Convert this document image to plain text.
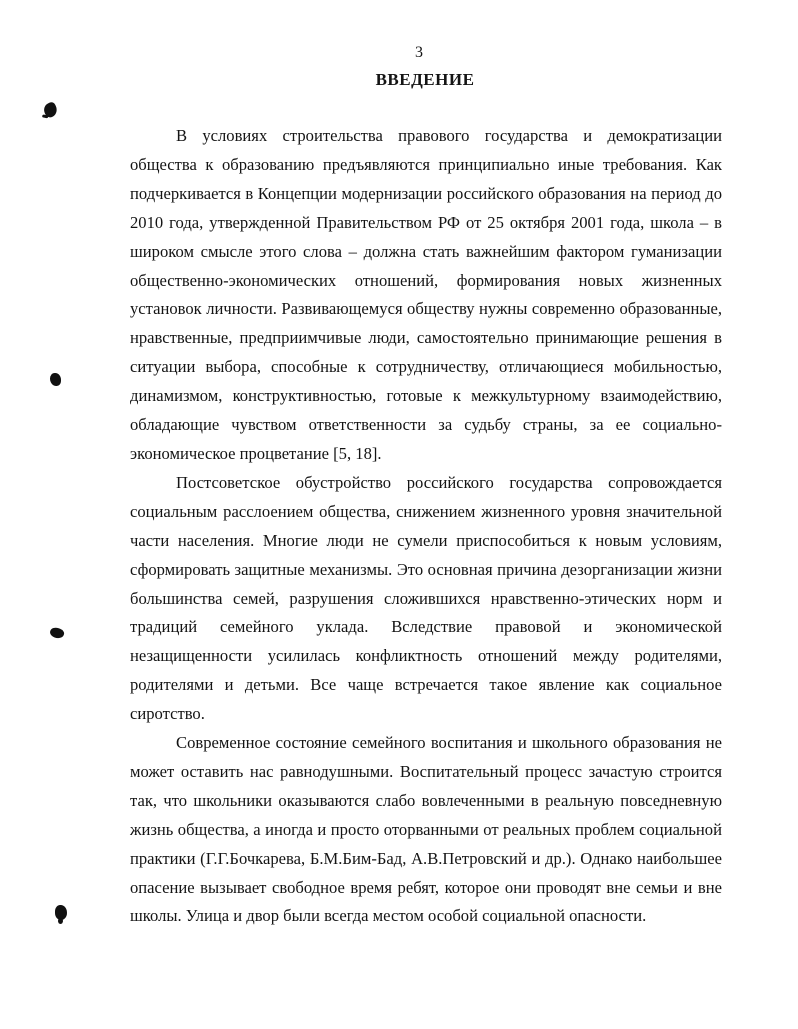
3
ВВЕДЕНИЕ

В условиях строительства правового государства и демократизации общества к образованию предъявляются принципиально иные требования. Как подчеркивается в Концепции модернизации российского образования на период до 2010 года, утвержденной Правительством РФ от 25 октября 2001 года, школа – в широком смысле этого слова – должна стать важнейшим фактором гуманизации общественно-экономических отношений, формирования новых жизненных установок личности. Развивающемуся обществу нужны современно образованные, нравственные, предприимчивые люди, самостоятельно принимающие решения в ситуации выбора, способные к сотрудничеству, отличающиеся мобильностью, динамизмом, конструктивностью, готовые к межкультурному взаимодействию, обладающие чувством ответственности за судьбу страны, за ее социально-экономическое процветание [5, 18].

Постсоветское обустройство российского государства сопровождается социальным расслоением общества, снижением жизненного уровня значительной части населения. Многие люди не сумели приспособиться к новым условиям, сформировать защитные механизмы. Это основная причина дезорганизации жизни большинства семей, разрушения сложившихся нравственно-этических норм и традиций семейного уклада. Вследствие правовой и экономической незащищенности усилилась конфликтность отношений между родителями, родителями и детьми. Все чаще встречается такое явление как социальное сиротство.

Современное состояние семейного воспитания и школьного образования не может оставить нас равнодушными. Воспитательный процесс зачастую строится так, что школьники оказываются слабо вовлеченными в реальную повседневную жизнь общества, а иногда и просто оторванными от реальных проблем социальной практики (Г.Г.Бочкарева, Б.М.Бим-Бад, А.В.Петровский и др.). Однако наибольшее опасение вызывает свободное время ребят, которое они проводят вне семьи и вне школы. Улица и двор были всегда местом особой социальной опасности.
